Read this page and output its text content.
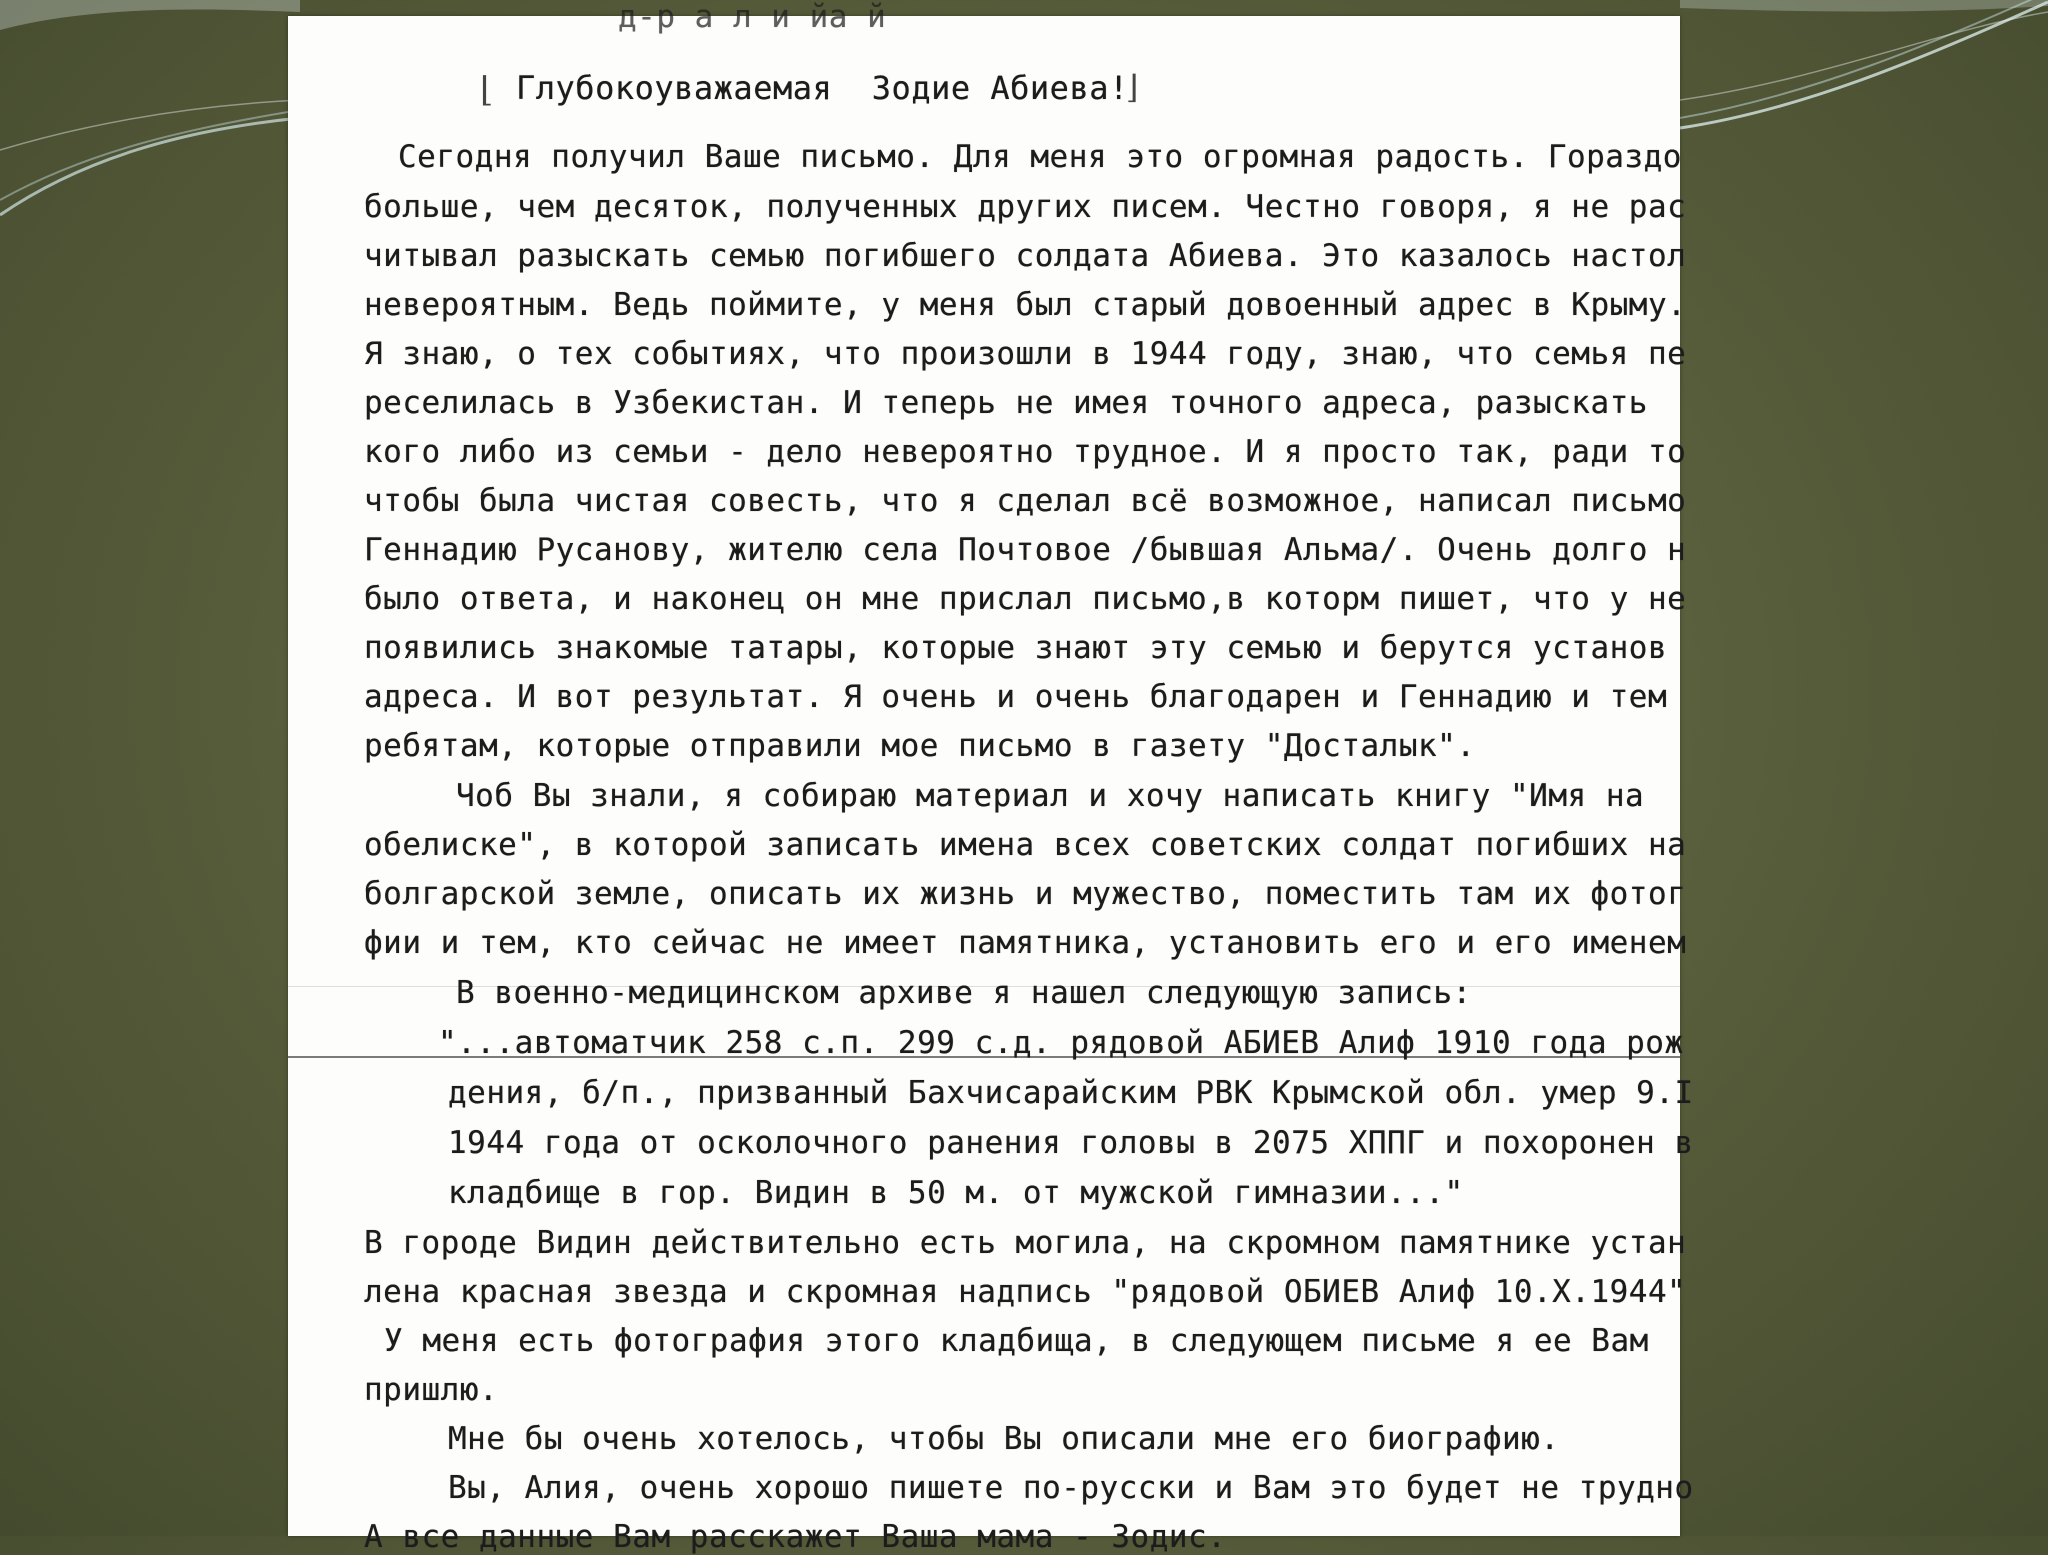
д-р а л и йа й
⌊ Глубокоуважаемая  Зодие Абиева!
⌋
Сегодня получил Ваше письмо. Для меня это огромная радость. Гораздо
больше, чем десяток, полученных других писем. Честно говоря, я не рас
читывал разыскать семью погибшего солдата Абиева. Это казалось настол
невероятным. Ведь поймите, у меня был старый довоенный адрес в Крыму.
Я знаю, о тех событиях, что произошли в 1944 году, знаю, что семья пе
реселилась в Узбекистан. И теперь не имея точного адреса, разыскать
кого либо из семьи - дело невероятно трудное. И я просто так, ради то
чтобы была чистая совесть, что я сделал всё возможное, написал письмо
Геннадию Русанову, жителю села Почтовое /бывшая Альма/. Очень долго н
было ответа, и наконец он мне прислал письмо,в которм пишет, что у не
появились знакомые татары, которые знают эту семью и берутся установ
адреса. И вот результат. Я очень и очень благодарен и Геннадию и тем
ребятам, которые отправили мое письмо в газету "Досталык".
Чоб Вы знали, я собираю материал и хочу написать книгу "Имя на
обелиске", в которой записать имена всех советских солдат погибших на
болгарской земле, описать их жизнь и мужество, поместить там их фотог
фии и тем, кто сейчас не имеет памятника, установить его и его именем
В военно-медицинском архиве я нашел следующую запись:
"...автоматчик 258 с.п. 299 с.д. рядовой АБИЕВ Алиф 1910 года рож
дения, б/п., призванный Бахчисарайским РВК Крымской обл. умер 9.I
1944 года от осколочного ранения головы в 2075 ХППГ и похоронен в
кладбище в гор. Видин в 50 м. от мужской гимназии..."
В городе Видин действительно есть могила, на скромном памятнике устан
лена красная звезда и скромная надпись "рядовой ОБИЕВ Алиф 10.Х.1944"
У меня есть фотография этого кладбища, в следующем письме я ее Вам
пришлю.
Мне бы очень хотелось, чтобы Вы описали мне его биографию.
Вы, Алия, очень хорошо пишете по-русски и Вам это будет не трудно
А все данные Вам расскажет Ваша мама - Зодис.
